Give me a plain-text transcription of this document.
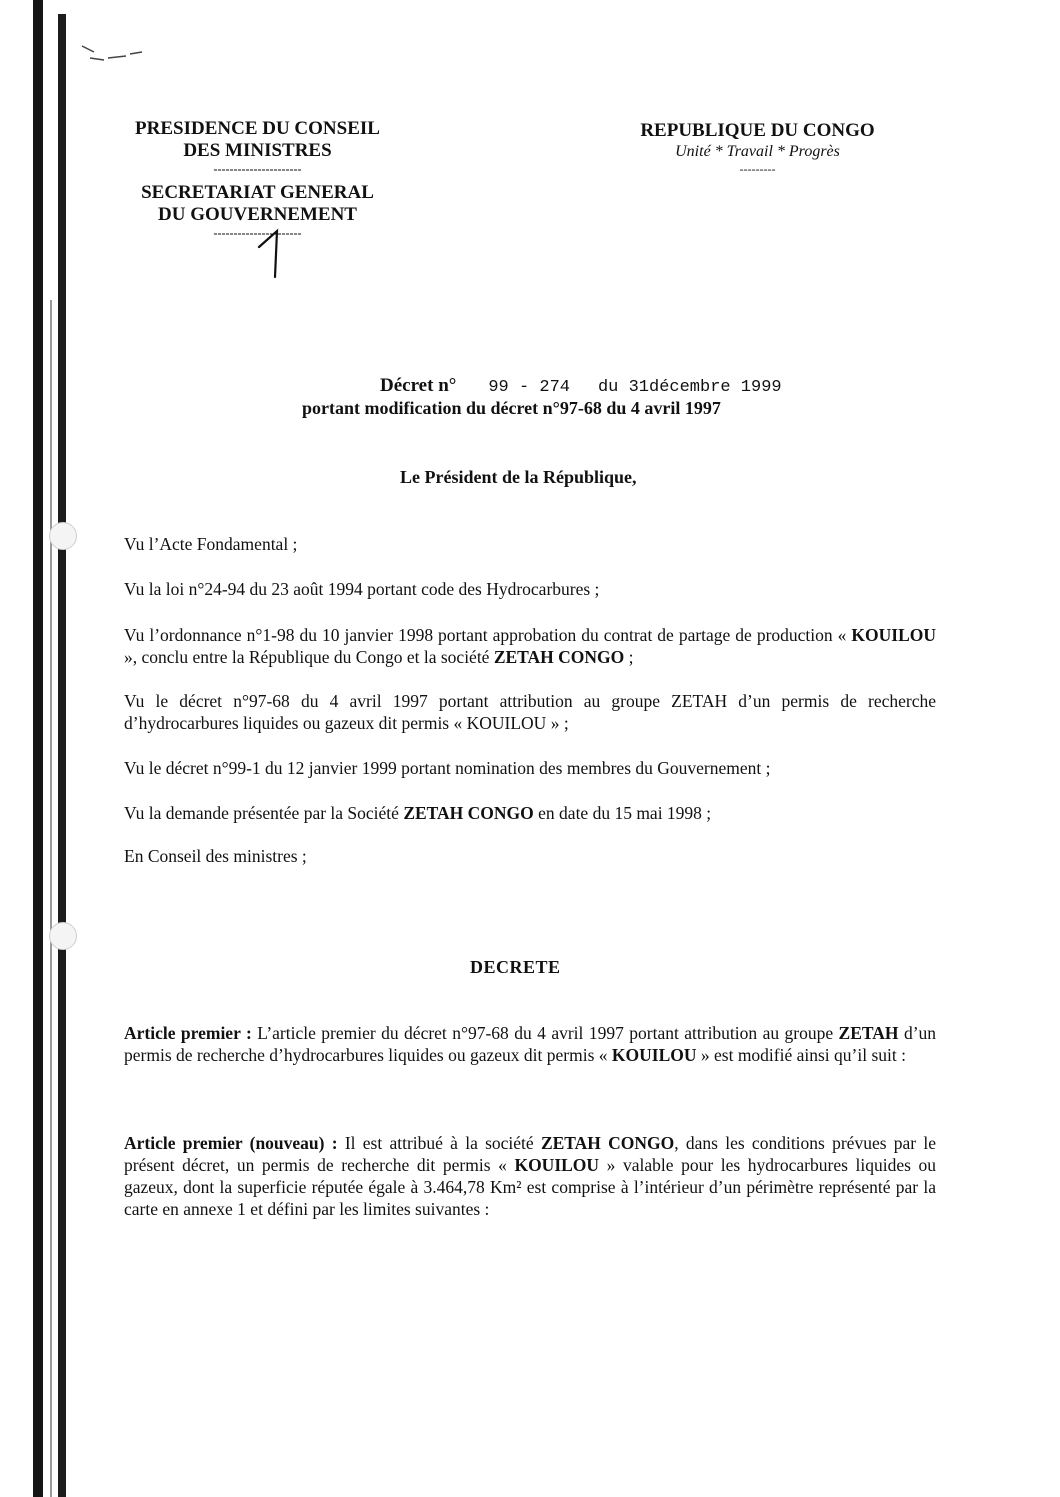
PRESIDENCE DU CONSEIL
DES MINISTRES
----------------------
SECRETARIAT GENERAL
DU GOUVERNEMENT
----------------------
REPUBLIQUE DU CONGO
Unité * Travail * Progrès
---------
Décret n° 99 - 274 du 31décembre 1999
portant modification du décret n°97-68 du 4 avril 1997
Le Président de la République,
Vu l’Acte Fondamental ;
Vu la loi n°24-94 du 23 août 1994 portant code des Hydrocarbures ;
Vu l’ordonnance n°1-98 du 10 janvier 1998 portant approbation du contrat de partage de production « KOUILOU », conclu entre la République du Congo et la société ZETAH CONGO ;
Vu le décret n°97-68 du 4 avril 1997 portant attribution au groupe ZETAH d’un permis de recherche d’hydrocarbures liquides ou gazeux dit permis « KOUILOU » ;
Vu le décret n°99-1 du 12 janvier 1999 portant nomination des membres du Gouvernement ;
Vu la demande présentée par la Société ZETAH CONGO en date du 15 mai 1998 ;
En Conseil des ministres ;
DECRETE
Article premier : L’article premier du décret n°97-68 du 4 avril 1997 portant attribution au groupe ZETAH d’un permis de recherche d’hydrocarbures liquides ou gazeux dit permis « KOUILOU » est modifié ainsi qu’il suit :
Article premier (nouveau) : Il est attribué à la société ZETAH CONGO, dans les conditions prévues par le présent décret, un permis de recherche dit permis « KOUILOU » valable pour les hydrocarbures liquides ou gazeux, dont la superficie réputée égale à 3.464,78 Km² est comprise à l’intérieur d’un périmètre représenté par la carte en annexe 1 et défini par les limites suivantes :
